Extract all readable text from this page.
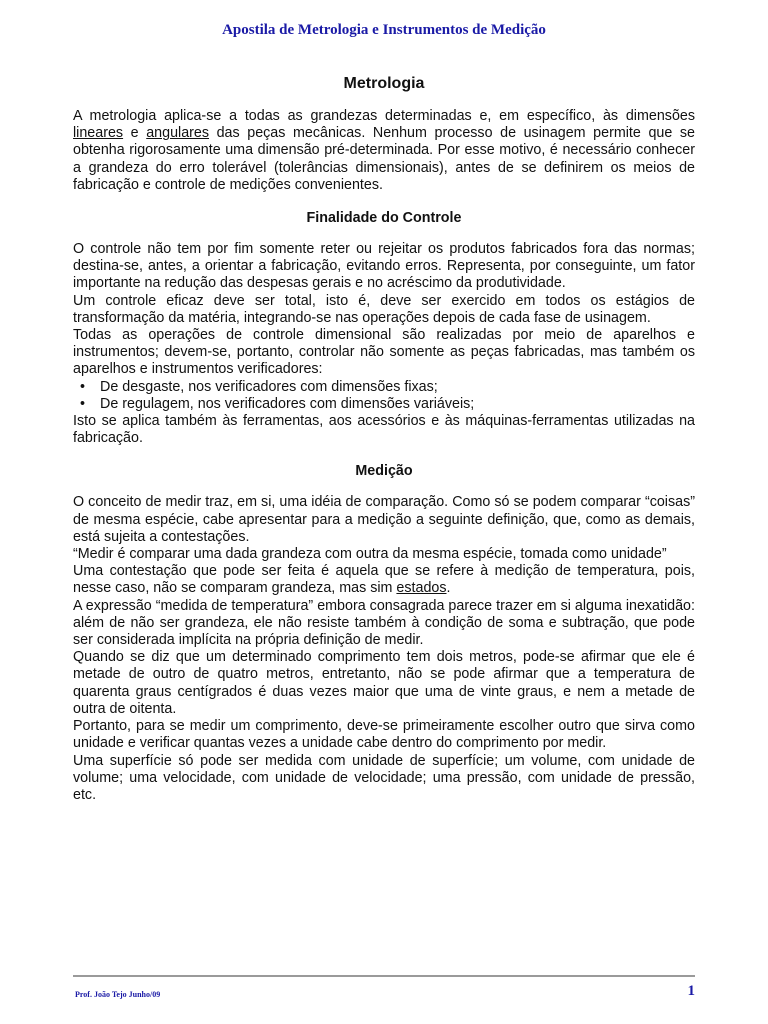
Apostila de Metrologia e Instrumentos de Medição
Metrologia

A metrologia aplica-se a todas as grandezas determinadas e, em específico, às dimensões lineares e angulares das peças mecânicas. Nenhum processo de usinagem permite que se obtenha rigorosamente uma dimensão pré-determinada. Por esse motivo, é necessário conhecer a grandeza do erro tolerável (tolerâncias dimensionais), antes de se definirem os meios de fabricação e controle de medições convenientes.

Finalidade do Controle

O controle não tem por fim somente reter ou rejeitar os produtos fabricados fora das normas; destina-se, antes, a orientar a fabricação, evitando erros. Representa, por conseguinte, um fator importante na redução das despesas gerais e no acréscimo da produtividade.

Um controle eficaz deve ser total, isto é, deve ser exercido em todos os estágios de transformação da matéria, integrando-se nas operações depois de cada fase de usinagem.

Todas as operações de controle dimensional são realizadas por meio de aparelhos e instrumentos; devem-se, portanto, controlar não somente as peças fabricadas, mas também os aparelhos e instrumentos verificadores:

• De desgaste, nos verificadores com dimensões fixas;
• De regulagem, nos verificadores com dimensões variáveis;

Isto se aplica também às ferramentas, aos acessórios e às máquinas-ferramentas utilizadas na fabricação.

Medição

O conceito de medir traz, em si, uma idéia de comparação. Como só se podem comparar “coisas” de mesma espécie, cabe apresentar para a medição a seguinte definição, que, como as demais, está sujeita a contestações.

“Medir é comparar uma dada grandeza com outra da mesma espécie, tomada como unidade”

Uma contestação que pode ser feita é aquela que se refere à medição de temperatura, pois, nesse caso, não se comparam grandeza, mas sim estados.

A expressão “medida de temperatura” embora consagrada parece trazer em si alguma inexatidão: além de não ser grandeza, ele não resiste também à condição de soma e subtração, que pode ser considerada implícita na própria definição de medir.

Quando se diz que um determinado comprimento tem dois metros, pode-se afirmar que ele é metade de outro de quatro metros, entretanto, não se pode afirmar que a temperatura de quarenta graus centígrados é duas vezes maior que uma de vinte graus, e nem a metade de outra de oitenta.

Portanto, para se medir um comprimento, deve-se primeiramente escolher outro que sirva como unidade e verificar quantas vezes a unidade cabe dentro do comprimento por medir.

Uma superfície só pode ser medida com unidade de superfície; um volume, com unidade de volume; uma velocidade, com unidade de velocidade; uma pressão, com unidade de pressão, etc.

Prof. João Tejo Junho/09	1
